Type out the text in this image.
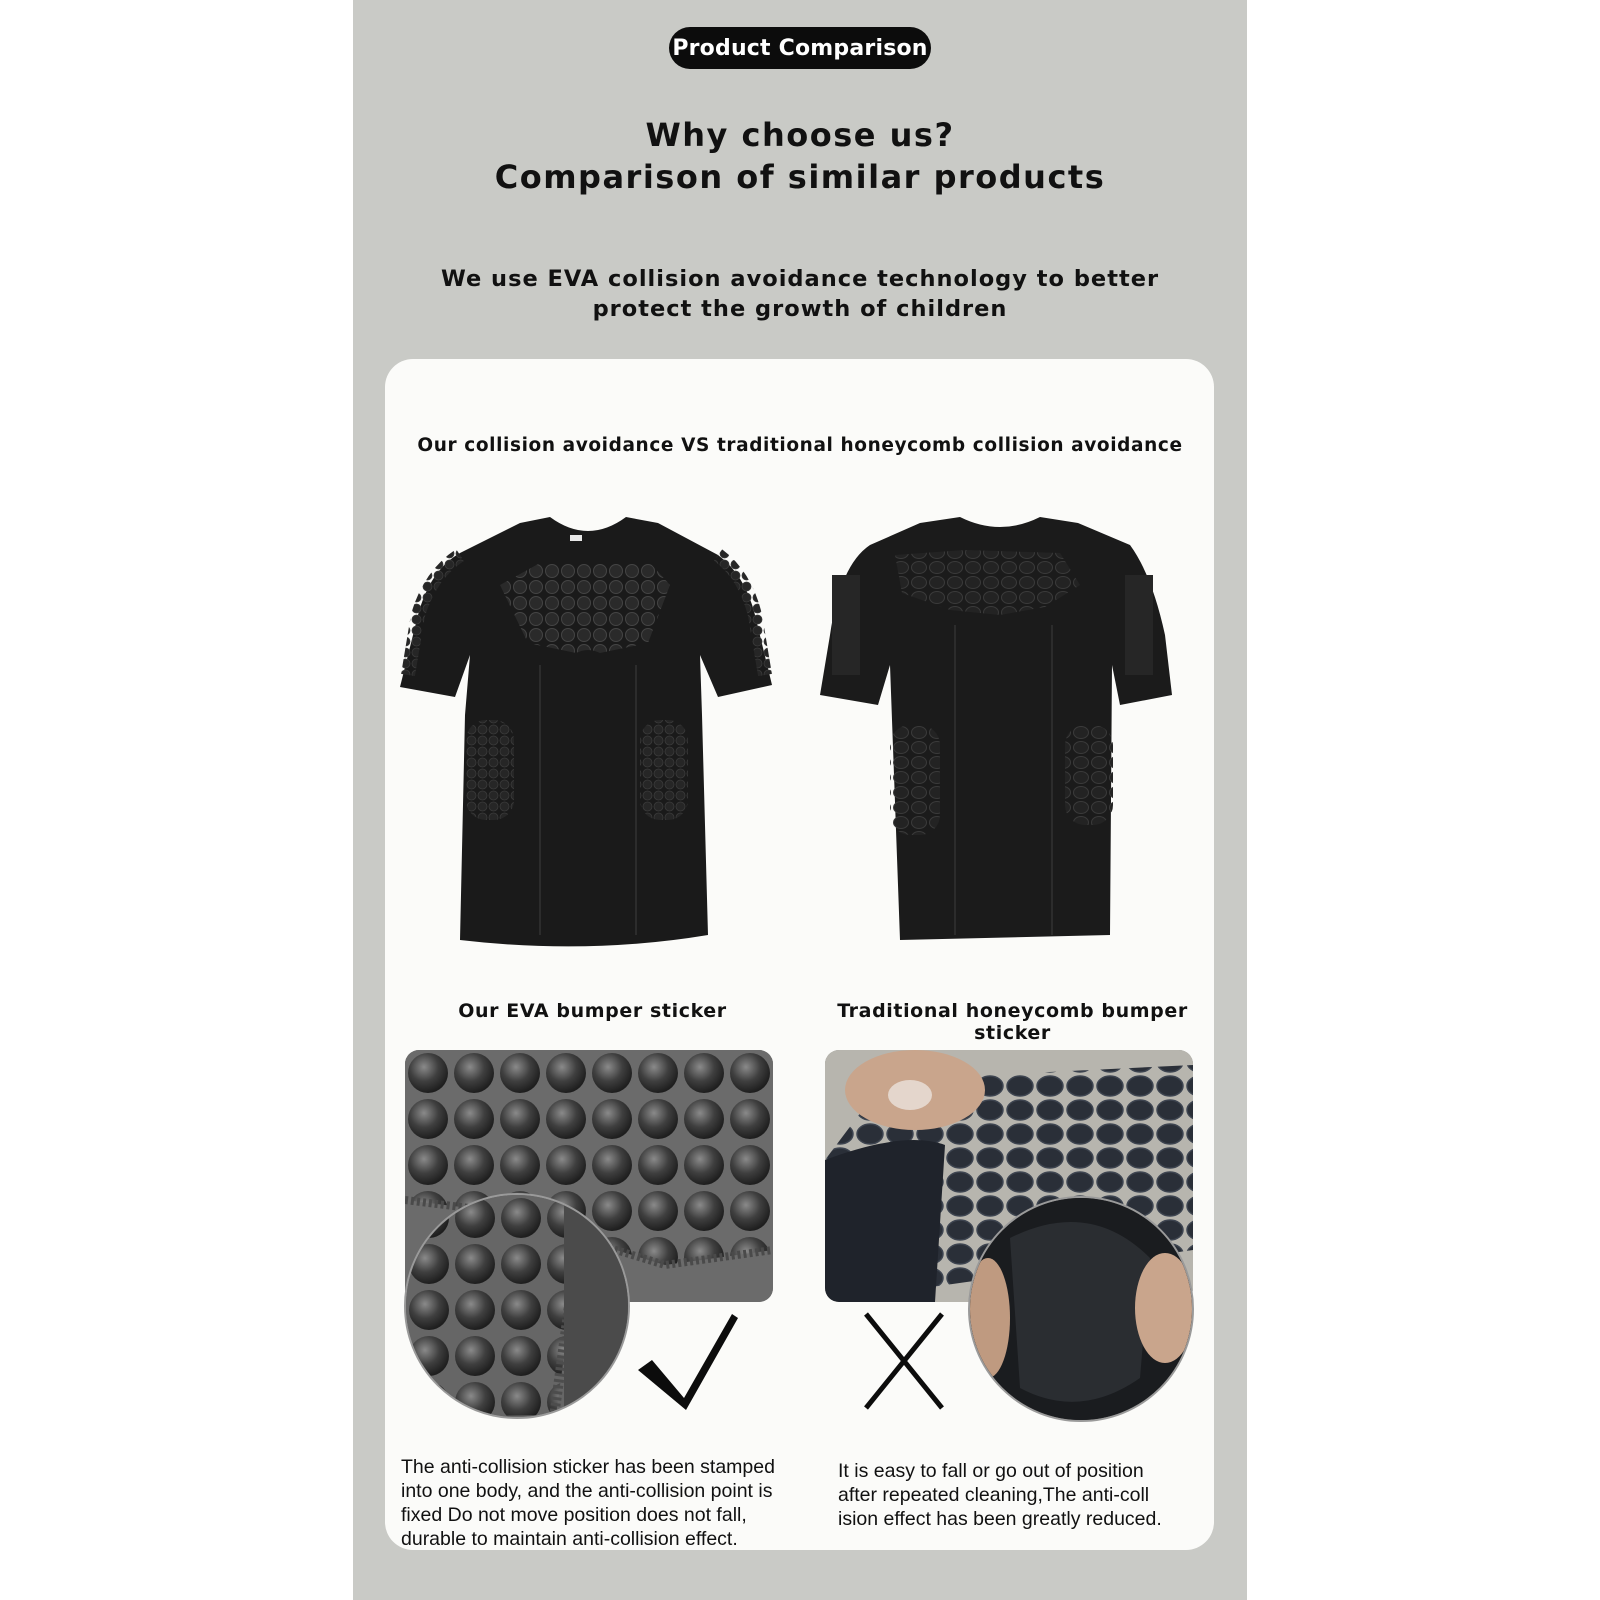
Product Comparison
Why choose us?
Comparison of similar products
We use EVA collision avoidance technology to better
protect the growth of children
Our collision avoidance VS traditional honeycomb collision avoidance
Our EVA bumper sticker	Traditional honeycomb bumper sticker
The anti-collision sticker has been stamped
into one body, and the anti-collision point is
fixed Do not move position does not fall,
durable to maintain anti-collision effect.
It is easy to fall or go out of position
after repeated cleaning,The anti-coll
ision effect has been greatly reduced.
